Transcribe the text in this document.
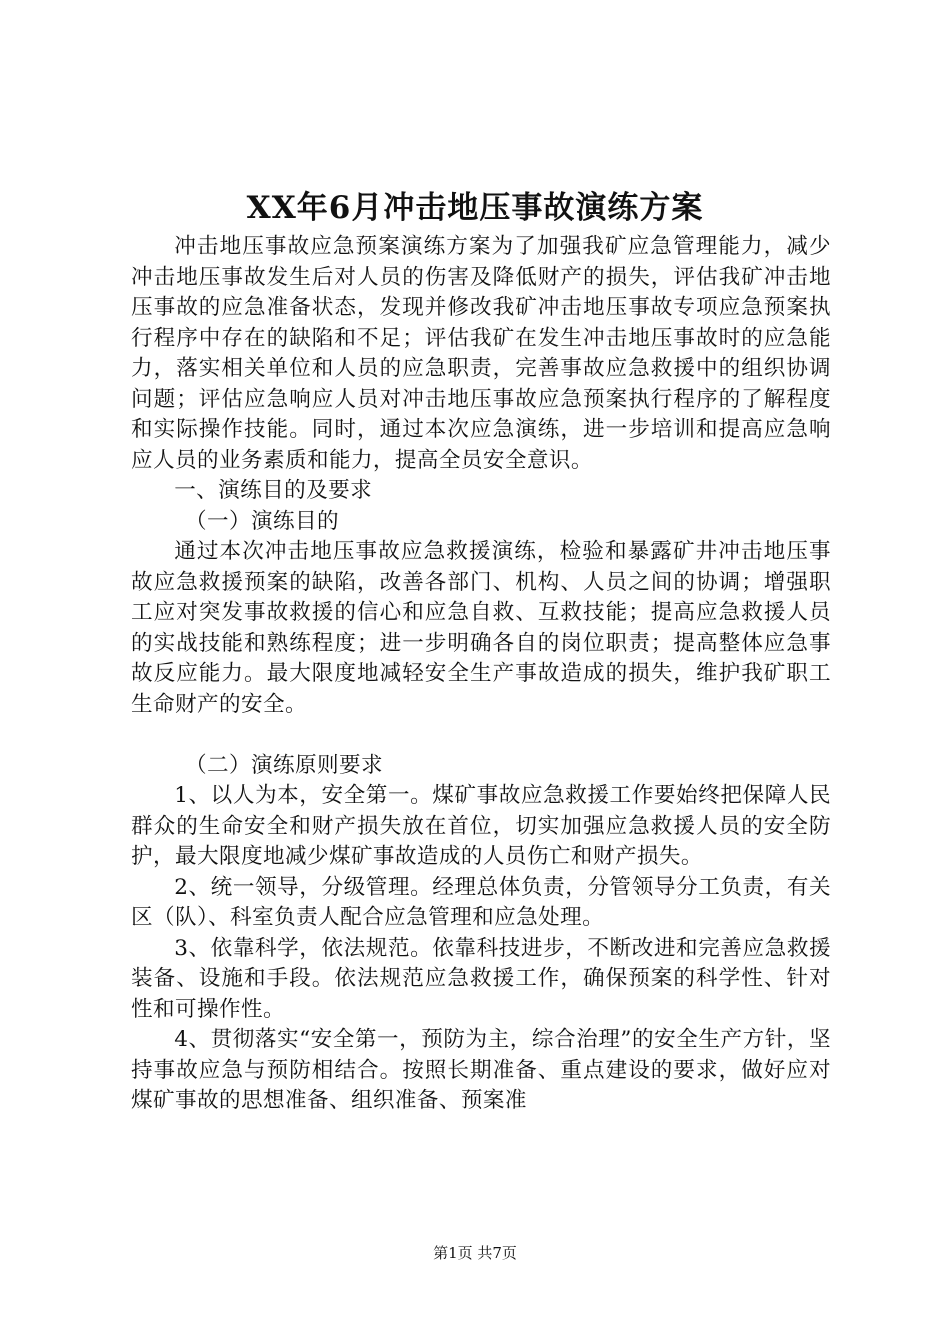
XX年6月冲击地压事故演练方案

冲击地压事故应急预案演练方案为了加强我矿应急管理能力，减少冲击地压事故发生后对人员的伤害及降低财产的损失，评估我矿冲击地压事故的应急准备状态，发现并修改我矿冲击地压事故专项应急预案执行程序中存在的缺陷和不足；评估我矿在发生冲击地压事故时的应急能力，落实相关单位和人员的应急职责，完善事故应急救援中的组织协调问题；评估应急响应人员对冲击地压事故应急预案执行程序的了解程度和实际操作技能。同时，通过本次应急演练，进一步培训和提高应急响应人员的业务素质和能力，提高全员安全意识。

一、演练目的及要求

（一）演练目的

通过本次冲击地压事故应急救援演练，检验和暴露矿井冲击地压事故应急救援预案的缺陷，改善各部门、机构、人员之间的协调；增强职工应对突发事故救援的信心和应急自救、互救技能；提高应急救援人员的实战技能和熟练程度；进一步明确各自的岗位职责；提高整体应急事故反应能力。最大限度地减轻安全生产事故造成的损失，维护我矿职工生命财产的安全。

（二）演练原则要求

1、以人为本，安全第一。煤矿事故应急救援工作要始终把保障人民群众的生命安全和财产损失放在首位，切实加强应急救援人员的安全防护，最大限度地减少煤矿事故造成的人员伤亡和财产损失。

2、统一领导，分级管理。经理总体负责，分管领导分工负责，有关区（队）、科室负责人配合应急管理和应急处理。

3、依靠科学，依法规范。依靠科技进步，不断改进和完善应急救援装备、设施和手段。依法规范应急救援工作，确保预案的科学性、针对性和可操作性。

4、贯彻落实“安全第一，预防为主，综合治理”的安全生产方针，坚持事故应急与预防相结合。按照长期准备、重点建设的要求，做好应对煤矿事故的思想准备、组织准备、预案准

第1页 共7页
